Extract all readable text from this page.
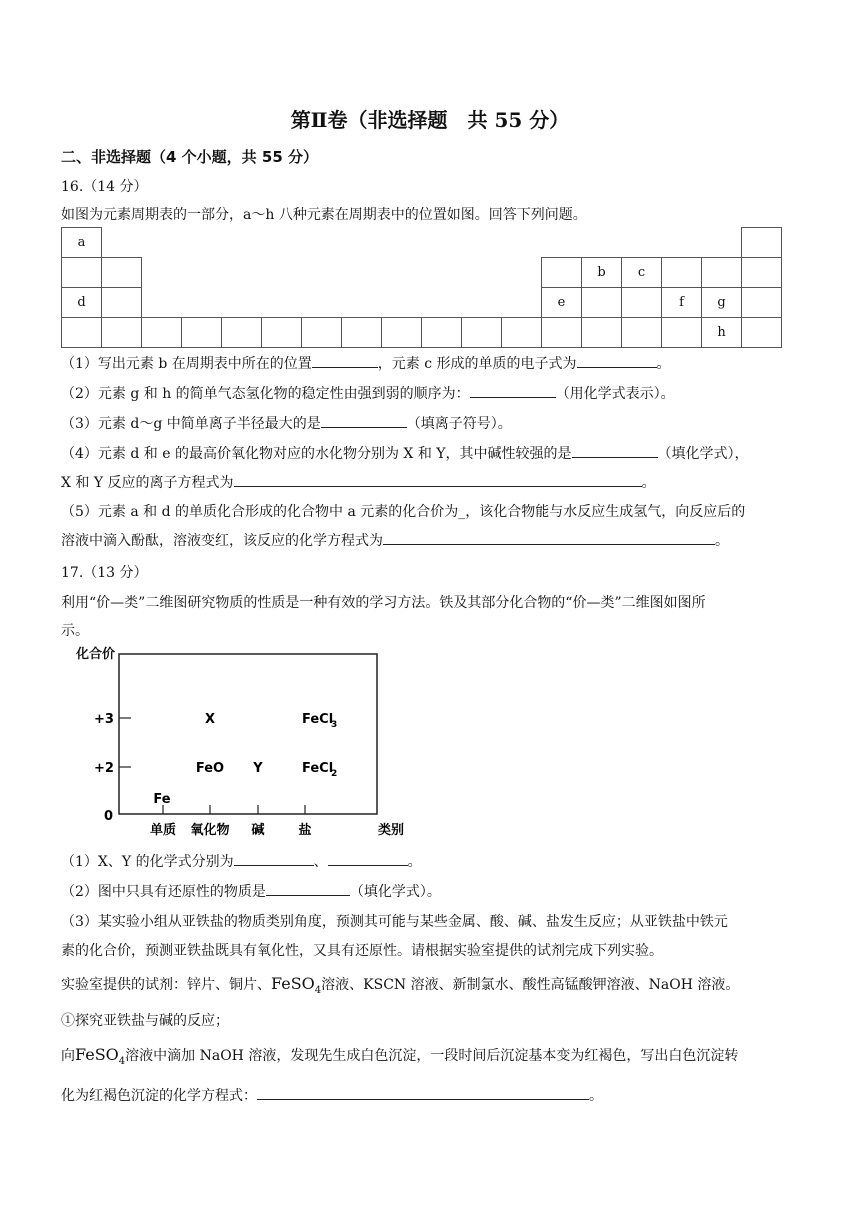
第Ⅱ卷（非选择题　共 55 分）
二、非选择题（4 个小题，共 55 分）
16.（14 分）
如图为元素周期表的一部分，a～h 八种元素在周期表中的位置如图。回答下列问题。
a																	
													b	c			
d												e			f	g	
																h	
（1）写出元素 b 在周期表中所在的位置	，元素 c 形成的单质的电子式为	。
（2）元素 g 和 h 的简单气态氢化物的稳定性由强到弱的顺序为：	（用化学式表示）。
（3）元素 d～g 中简单离子半径最大的是	（填离子符号）。
（4）元素 d 和 e 的最高价氧化物对应的水化物分别为 X 和 Y，其中碱性较强的是	（填化学式），
X 和 Y 反应的离子方程式为	。
（5）元素 a 和 d 的单质化合形成的化合物中 a 元素的化合价为_，该化合物能与水反应生成氢气，向反应后的
溶液中滴入酚酞，溶液变红，该反应的化学方程式为	。
17.（13 分）
利用“价—类”二维图研究物质的性质是一种有效的学习方法。铁及其部分化合物的“价—类”二维图如图所
示。
化合价
+3
+2
0
单质 氧化物 碱	盐	类别
Fe
X
FeO Y
FeCl
3
FeCl
2
（1）X、Y 的化学式分别为	、	。
（2）图中只具有还原性的物质是	（填化学式）。
（3）某实验小组从亚铁盐的物质类别角度，预测其可能与某些金属、酸、碱、盐发生反应；从亚铁盐中铁元
素的化合价，预测亚铁盐既具有氧化性，又具有还原性。请根据实验室提供的试剂完成下列实验。
实验室提供的试剂：锌片、铜片、FeSO$_4$溶液、KSCN 溶液、新制氯水、酸性高锰酸钾溶液、NaOH 溶液。
①探究亚铁盐与碱的反应；
向FeSO$_4$溶液中滴加 NaOH 溶液，发现先生成白色沉淀，一段时间后沉淀基本变为红褐色，写出白色沉淀转
化为红褐色沉淀的化学方程式：	。
